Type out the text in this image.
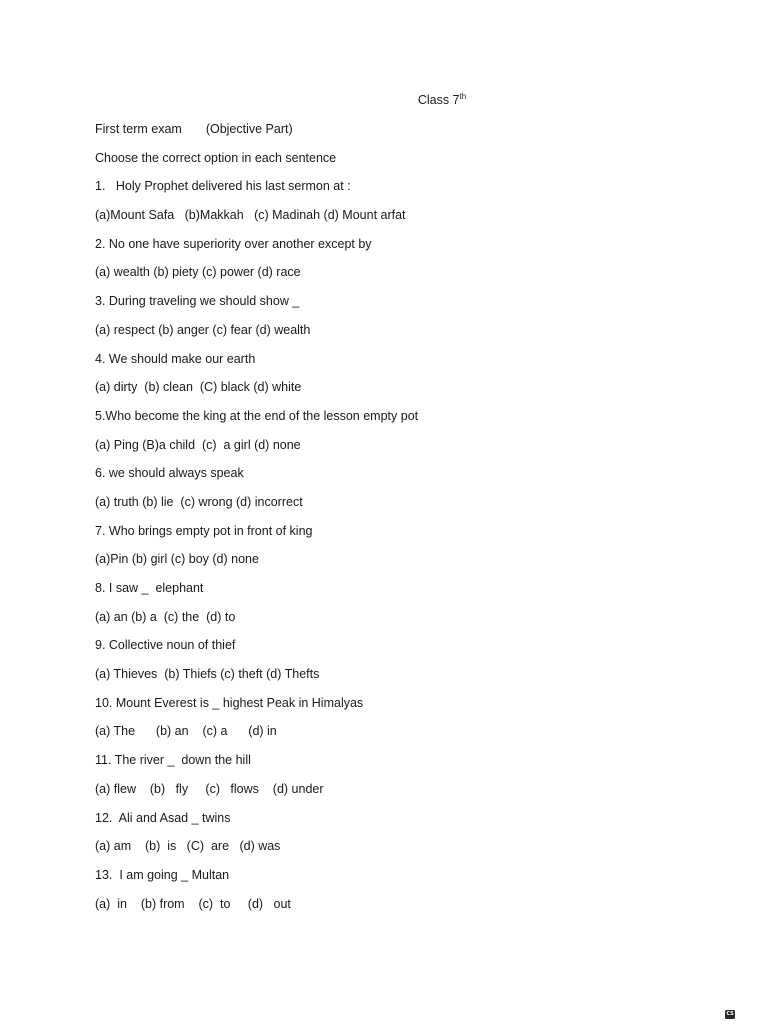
Class 7th

First term exam (Objective Part)

Choose the correct option in each sentence

1.   Holy Prophet delivered his last sermon at :

(a)Mount Safa   (b)Makkah   (c) Madinah (d) Mount arfat

2. No one have superiority over another except by

(a) wealth (b) piety (c) power (d) race

3. During traveling we should show _

(a) respect (b) anger (c) fear (d) wealth

4. We should make our earth

(a) dirty  (b) clean  (C) black (d) white

5.Who become the king at the end of the lesson empty pot

(a) Ping (B)a child  (c)  a girl (d) none

6. we should always speak

(a) truth (b) lie  (c) wrong (d) incorrect

7. Who brings empty pot in front of king

(a)Pin (b) girl (c) boy (d) none

8. I saw _  elephant

(a) an (b) a  (c) the  (d) to

9. Collective noun of thief

(a) Thieves  (b) Thiefs (c) theft (d) Thefts

10. Mount Everest is _ highest Peak in Himalyas

(a) The      (b) an    (c) a      (d) in

11. The river _  down the hill

(a) flew    (b)   fly     (c)   flows    (d) under

12.  Ali and Asad _ twins

(a) am    (b)  is   (C)  are   (d) was

13.  I am going _ Multan

(a)  in    (b) from    (c)  to     (d)   out

CS
